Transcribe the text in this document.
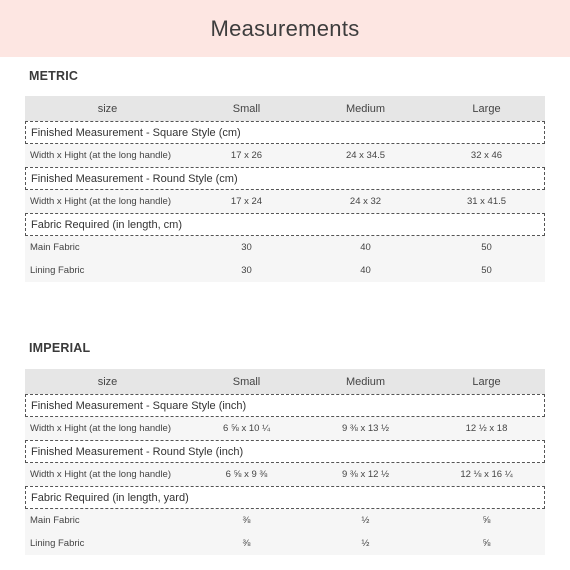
Measurements
METRIC
size	Small	Medium	Large
Finished Measurement - Square Style (cm)
Width x Hight (at the long handle)	17 x 26	24 x 34.5	32 x 46
Finished Measurement - Round Style (cm)
Width x Hight (at the long handle)	17 x 24	24 x 32	31 x 41.5
Fabric Required (in length, cm)
Main Fabric	30	40	50
Lining Fabric	30	40	50
IMPERIAL
size	Small	Medium	Large
Finished Measurement - Square Style (inch)
Width x Hight (at the long handle)	6 ⅝ x 10 ¼	9 ⅜ x 13 ½	12 ½ x 18
Finished Measurement - Round Style (inch)
Width x Hight (at the long handle)	6 ⅝ x 9 ⅜	9 ⅜ x 12 ½	12 ⅛ x 16 ¼
Fabric Required (in length, yard)
Main Fabric	⅜	½	⅝
Lining Fabric	⅜	½	⅝
